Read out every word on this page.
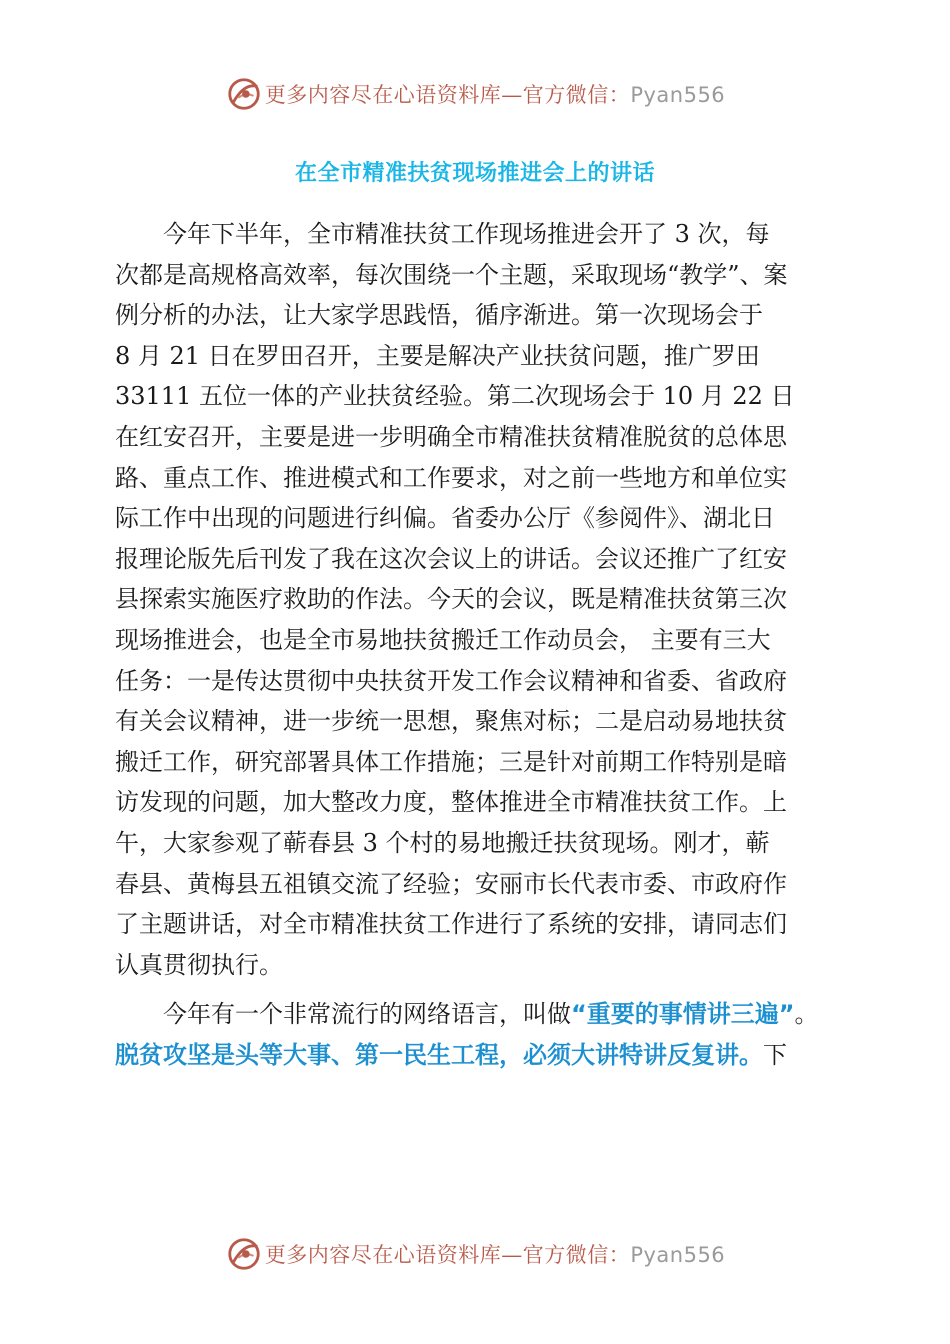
更多内容尽在心语资料库—官方微信：Pyan556
在全市精准扶贫现场推进会上的讲话
　　今年下半年，全市精准扶贫工作现场推进会开了 3 次，每
次都是高规格高效率，每次围绕一个主题，采取现场“教学”、案
例分析的办法，让大家学思践悟，循序渐进。第一次现场会于
8 月 21 日在罗田召开，主要是解决产业扶贫问题，推广罗田
33111 五位一体的产业扶贫经验。第二次现场会于 10 月 22 日
在红安召开，主要是进一步明确全市精准扶贫精准脱贫的总体思
路、重点工作、推进模式和工作要求，对之前一些地方和单位实
际工作中出现的问题进行纠偏。省委办公厅《参阅件》、湖北日
报理论版先后刊发了我在这次会议上的讲话。会议还推广了红安
县探索实施医疗救助的作法。今天的会议，既是精准扶贫第三次
现场推进会，也是全市易地扶贫搬迁工作动员会， 主要有三大
任务：一是传达贯彻中央扶贫开发工作会议精神和省委、省政府
有关会议精神，进一步统一思想，聚焦对标；二是启动易地扶贫
搬迁工作，研究部署具体工作措施；三是针对前期工作特别是暗
访发现的问题，加大整改力度，整体推进全市精准扶贫工作。上
午，大家参观了蕲春县 3 个村的易地搬迁扶贫现场。刚才，蕲
春县、黄梅县五祖镇交流了经验；安丽市长代表市委、市政府作
了主题讲话，对全市精准扶贫工作进行了系统的安排，请同志们
认真贯彻执行。
　　今年有一个非常流行的网络语言，叫做“重要的事情讲三遍”。
脱贫攻坚是头等大事、第一民生工程，必须大讲特讲反复讲。下
更多内容尽在心语资料库—官方微信：Pyan556
